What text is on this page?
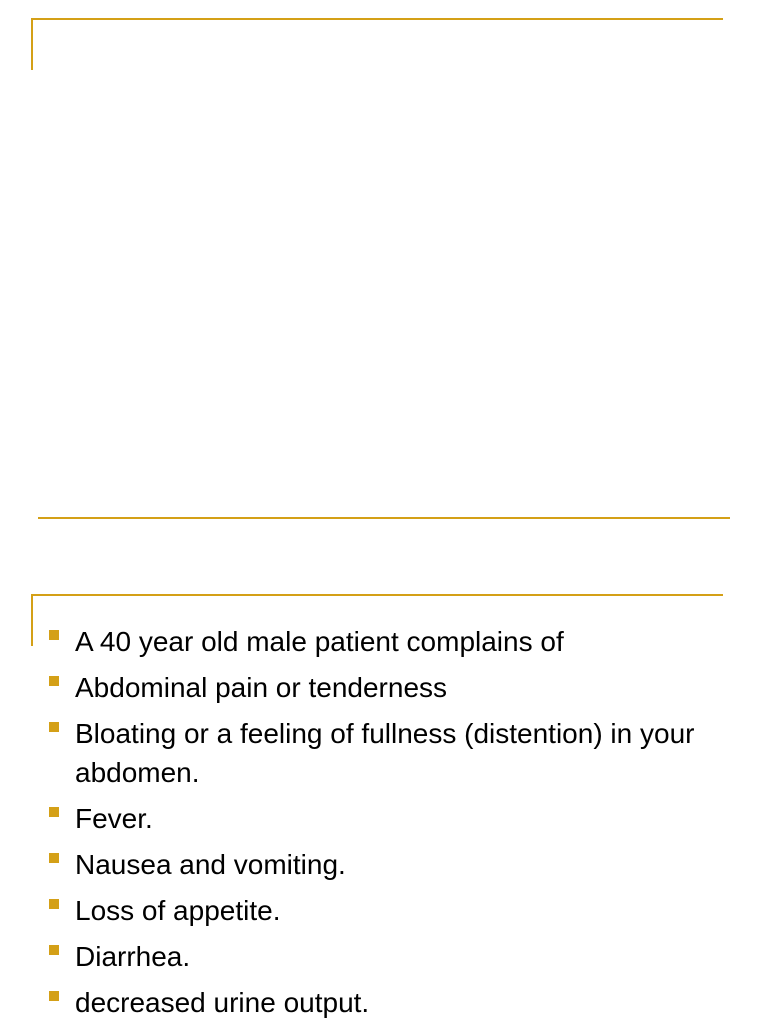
A 40 year old male patient complains of
Abdominal pain or tenderness
Bloating or a feeling of fullness (distention) in your abdomen.
Fever.
Nausea and vomiting.
Loss of appetite.
Diarrhea.
decreased urine output.
